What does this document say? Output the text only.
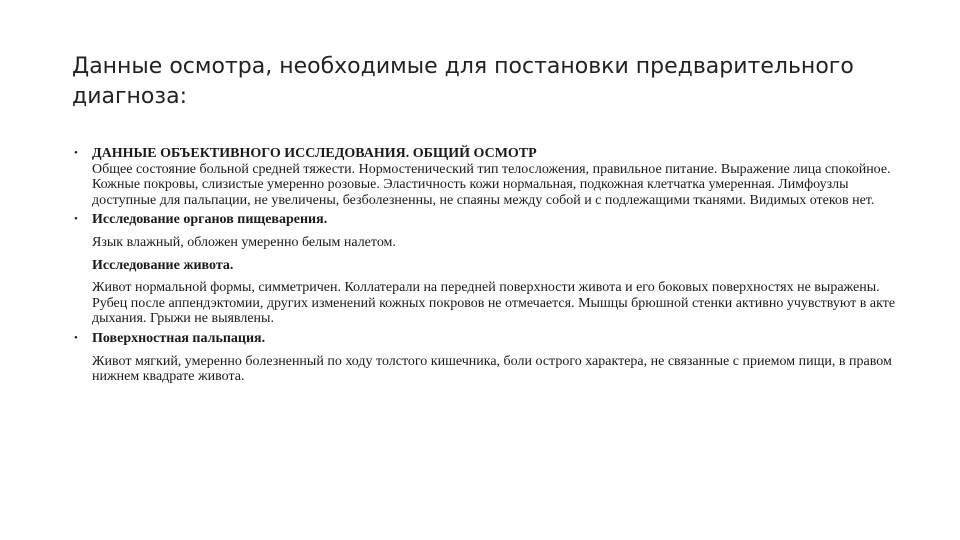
Данные осмотра, необходимые для постановки предварительного диагноза:
•	ДАННЫЕ ОБЪЕКТИВНОГО ИССЛЕДОВАНИЯ. ОБЩИЙ ОСМОТР
Общее состояние больной средней тяжести. Нормостенический тип телосложения, правильное питание. Выражение лица спокойное. Кожные покровы, слизистые умеренно розовые. Эластичность кожи нормальная, подкожная клетчатка умеренная. Лимфоузлы доступные для пальпации, не увеличены, безболезненны, не спаяны между собой и с подлежащими тканями. Видимых отеков нет.
•	Исследование органов пищеварения.
Язык влажный, обложен умеренно белым налетом.
Исследование живота.
Живот нормальной формы, симметричен. Коллатерали на передней поверхности живота и его боковых поверхностях не выражены. Рубец после аппендэктомии, других изменений кожных покровов не отмечается. Мышцы брюшной стенки активно учувствуют в акте дыхания. Грыжи не выявлены.
•	Поверхностная пальпация.
Живот мягкий, умеренно болезненный по ходу толстого кишечника, боли острого характера, не связанные с приемом пищи, в правом нижнем квадрате живота.
